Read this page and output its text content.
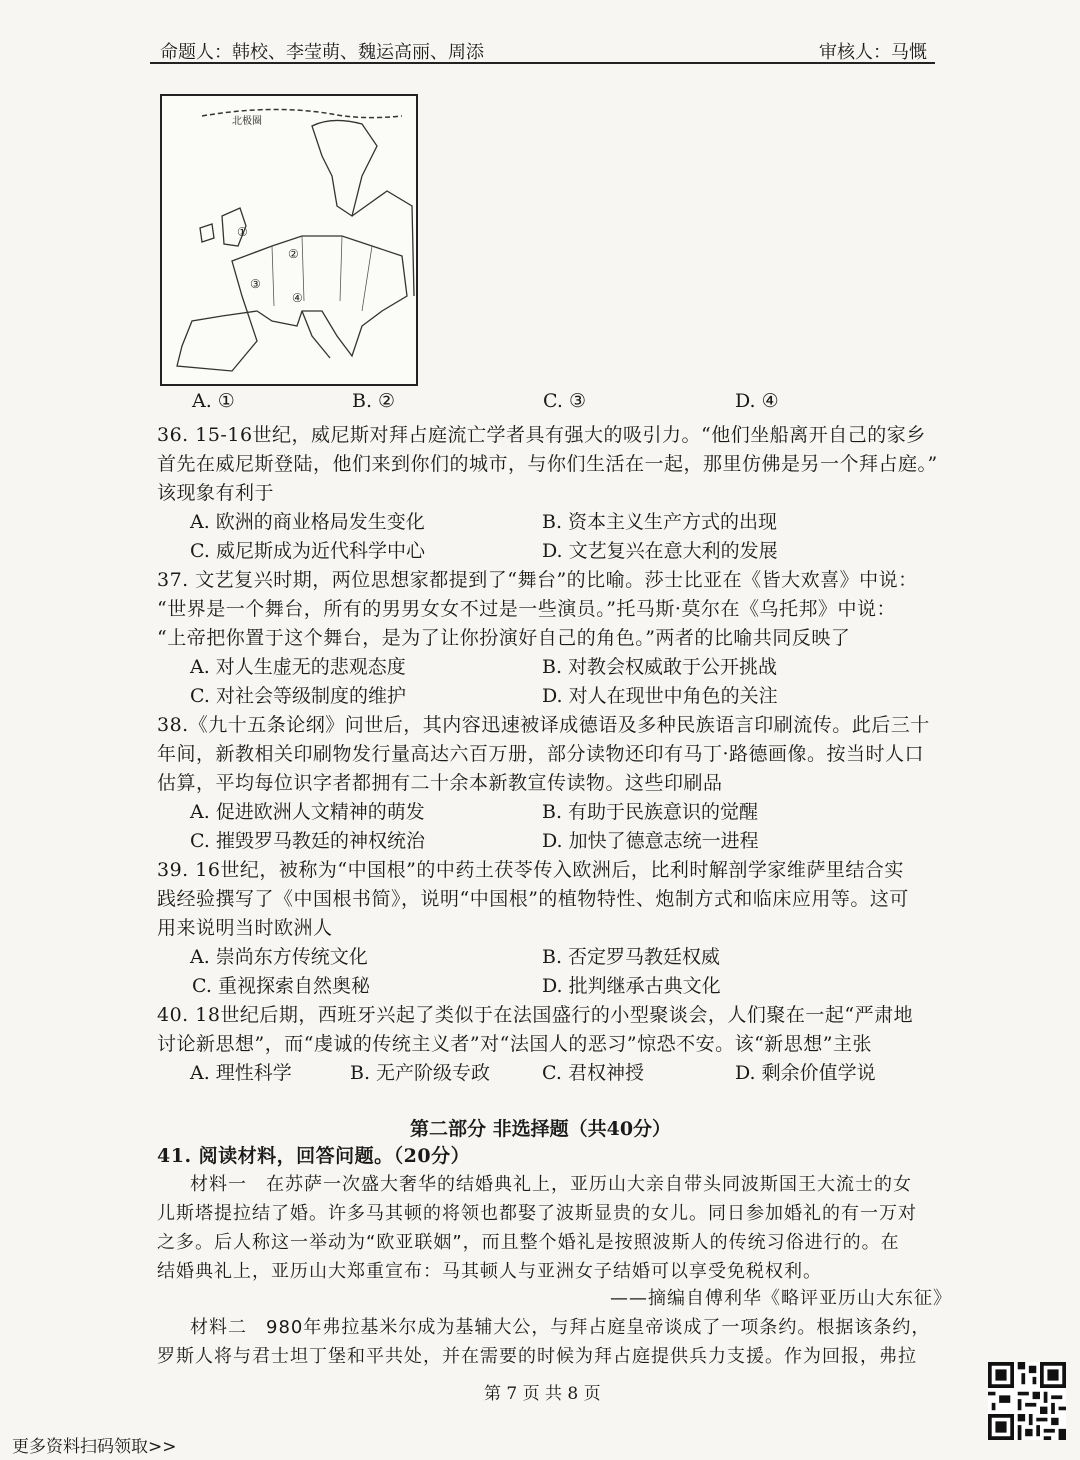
命题人：韩校、李莹萌、魏运高丽、周添	审核人：马慨
北极圈
①
②
③
④
A. ①	B. ②	C. ③	D. ④
36. 15-16世纪，威尼斯对拜占庭流亡学者具有强大的吸引力。“他们坐船离开自己的家乡
首先在威尼斯登陆，他们来到你们的城市，与你们生活在一起，那里仿佛是另一个拜占庭。”
该现象有利于
A. 欧洲的商业格局发生变化	B. 资本主义生产方式的出现
C. 威尼斯成为近代科学中心	D. 文艺复兴在意大利的发展
37. 文艺复兴时期，两位思想家都提到了“舞台”的比喻。莎士比亚在《皆大欢喜》中说：
“世界是一个舞台，所有的男男女女不过是一些演员。”托马斯·莫尔在《乌托邦》中说：
“上帝把你置于这个舞台，是为了让你扮演好自己的角色。”两者的比喻共同反映了
A. 对人生虚无的悲观态度	B. 对教会权威敢于公开挑战
C. 对社会等级制度的维护	D. 对人在现世中角色的关注
38.《九十五条论纲》问世后，其内容迅速被译成德语及多种民族语言印刷流传。此后三十
年间，新教相关印刷物发行量高达六百万册，部分读物还印有马丁·路德画像。按当时人口
估算，平均每位识字者都拥有二十余本新教宣传读物。这些印刷品
A. 促进欧洲人文精神的萌发	B. 有助于民族意识的觉醒
C. 摧毁罗马教廷的神权统治	D. 加快了德意志统一进程
39. 16世纪，被称为“中国根”的中药土茯苓传入欧洲后，比利时解剖学家维萨里结合实
践经验撰写了《中国根书简》，说明“中国根”的植物特性、炮制方式和临床应用等。这可
用来说明当时欧洲人
A. 崇尚东方传统文化	B. 否定罗马教廷权威
C. 重视探索自然奥秘	D. 批判继承古典文化
40. 18世纪后期，西班牙兴起了类似于在法国盛行的小型聚谈会，人们聚在一起“严肃地
讨论新思想”，而“虔诚的传统主义者”对“法国人的恶习”惊恐不安。该“新思想”主张
A. 理性科学	B. 无产阶级专政	C. 君权神授	D. 剩余价值学说
第二部分 非选择题（共40分）
41. 阅读材料，回答问题。（20分）
材料一　在苏萨一次盛大奢华的结婚典礼上，亚历山大亲自带头同波斯国王大流士的女
儿斯塔提拉结了婚。许多马其顿的将领也都娶了波斯显贵的女儿。同日参加婚礼的有一万对
之多。后人称这一举动为“欧亚联姻”，而且整个婚礼是按照波斯人的传统习俗进行的。在
结婚典礼上，亚历山大郑重宣布：马其顿人与亚洲女子结婚可以享受免税权利。
——摘编自傅利华《略评亚历山大东征》
材料二　980年弗拉基米尔成为基辅大公，与拜占庭皇帝谈成了一项条约。根据该条约，
罗斯人将与君士坦丁堡和平共处，并在需要的时候为拜占庭提供兵力支援。作为回报，弗拉
第 7 页 共 8 页
更多资料扫码领取>>
